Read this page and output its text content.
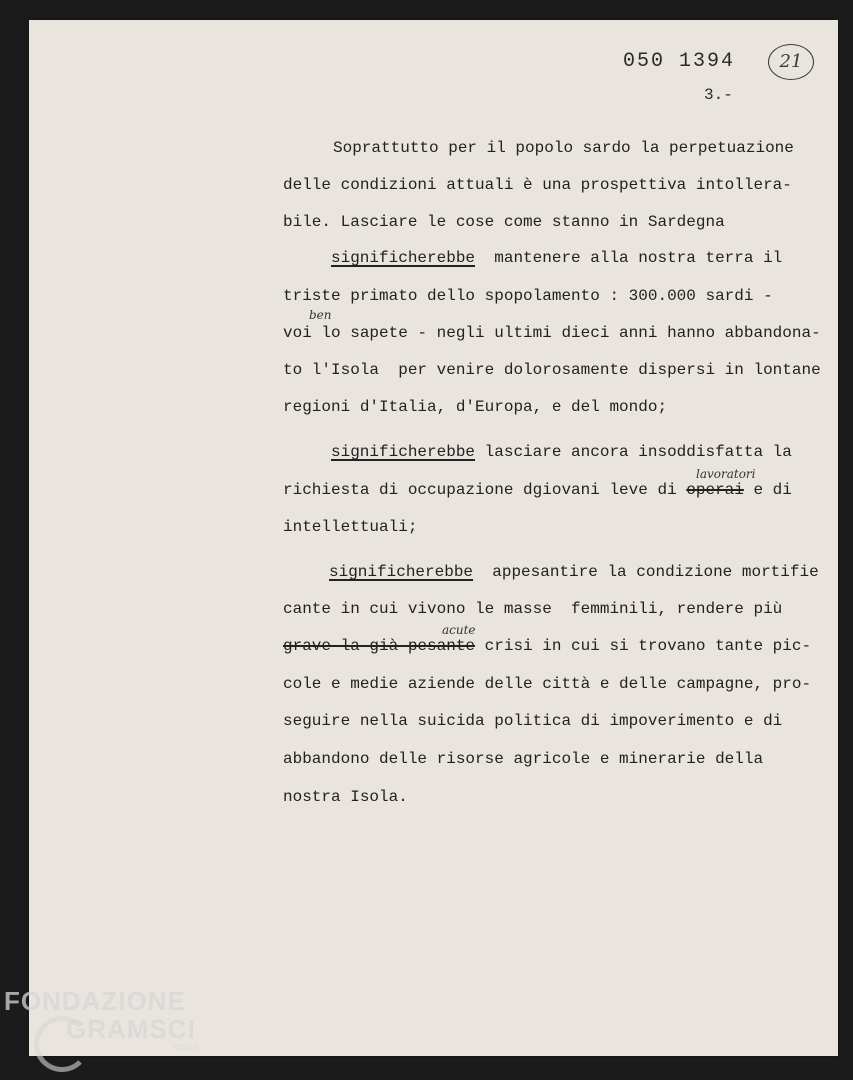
050 1394	21
3.-
Soprattutto per il popolo sardo la perpetuazione
delle condizioni attuali è una prospettiva intollera-
bile. Lasciare le cose come stanno in Sardegna
significherebbe  mantenere alla nostra terra il
triste primato dello spopolamento : 300.000 sardi -
ben
voi lo sapete - negli ultimi dieci anni hanno abbandona-
to l'Isola  per venire dolorosamente dispersi in lontane
regioni d'Italia, d'Europa, e del mondo;
significherebbe lasciare ancora insoddisfatta la
lavoratori
richiesta di occupazione dgiovani leve di operai e di
intellettuali;
significherebbe  appesantire la condizione mortifie
cante in cui vivono le masse  femminili, rendere più
acute
grave la già pesante crisi in cui si trovano tante pic-
cole e medie aziende delle città e delle campagne, pro-
seguire nella suicida politica di impoverimento e di
abbandono delle risorse agricole e minerarie della
nostra Isola.
FONDAZIONE
GRAMSCI
onlus
